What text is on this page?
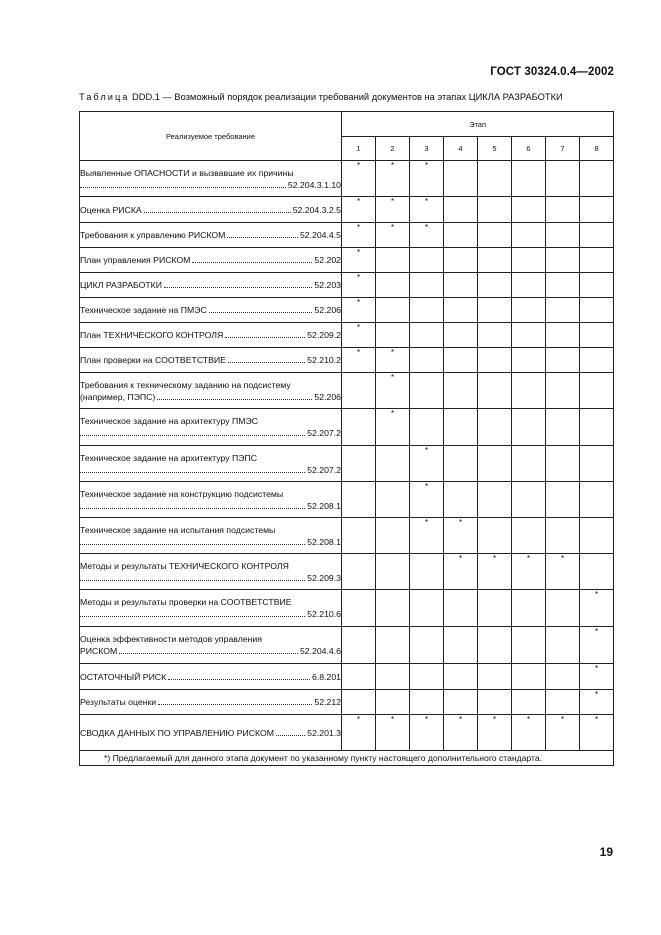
ГОСТ 30324.0.4—2002
Таблица DDD.1 — Возможный порядок реализации требований документов на этапах ЦИКЛА РАЗРАБОТКИ
Реализуемое требование	Этап							
	1	2	3	4	5	6	7	8

Выявленные ОПАСНОСТИ и вызвавшие их причины
52.204.3.1.10	*	*	*					

Оценка РИСКА 52.204.3.2.5	*	*	*					

Требования к управлению РИСКОМ 52.204.4.5	*	*	*					

План управления РИСКОМ 52.202	*							

ЦИКЛ РАЗРАБОТКИ 52.203	*							

Техническое задание на ПМЭС 52.206	*							

План ТЕХНИЧЕСКОГО КОНТРОЛЯ 52.209.2	*							

План проверки на СООТВЕТСТВИЕ 52.210.2	*	*						

Требования к техническому заданию на подсистему
(например, ПЭПС) 52.206		*						

Техническое задание на архитектуру ПМЭС
52.207.2		*						

Техническое задание на архитектуру ПЭПС
52.207.2			*					

Техническое задание на конструкцию подсистемы
52.208.1			*					

Техническое задание на испытания подсистемы
52.208.1			*	*				

Методы и результаты ТЕХНИЧЕСКОГО КОНТРОЛЯ
52.209.3				*	*	*	*	

Методы и результаты проверки на СООТВЕТСТВИЕ
52.210.6								*

Оценка эффективности методов управления
РИСКОМ 52.204.4.6								*

ОСТАТОЧНЫЙ РИСК 6.8.201								*

Результаты оценки 52.212								*

СВОДКА ДАННЫХ ПО УПРАВЛЕНИЮ РИСКОМ 52.201.3	*	*	*	*	*	*	*	*

*) Предлагаемый для данного этапа документ по указанному пункту настоящего дополнительного стандарта.								
19
